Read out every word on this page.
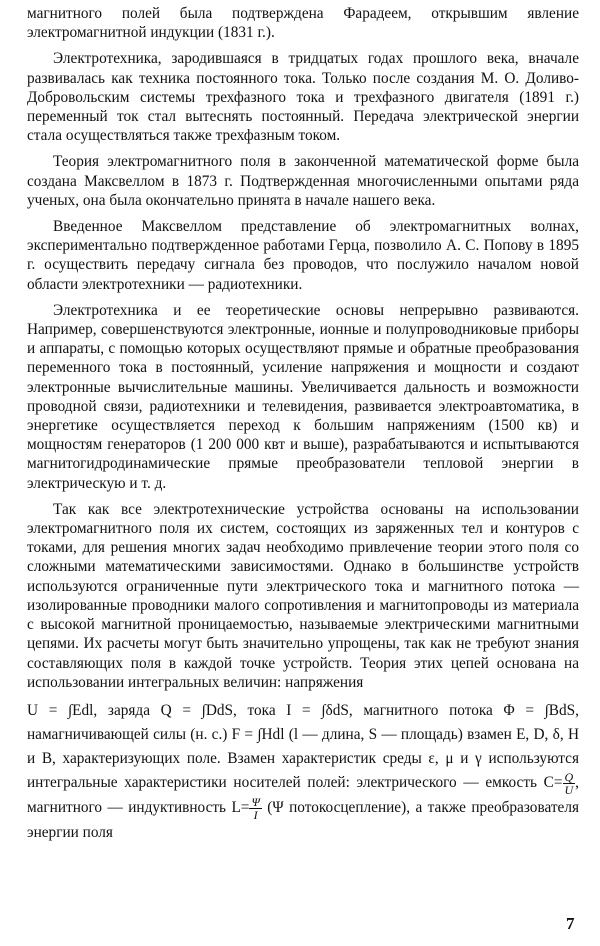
магнитного полей была подтверждена Фарадеем, открывшим явление электромагнитной индукции (1831 г.).

Электротехника, зародившаяся в тридцатых годах прошлого века, вначале развивалась как техника постоянного тока. Только после создания М. О. Доливо-Добровольским системы трехфазного тока и трехфазного двигателя (1891 г.) переменный ток стал вытеснять постоянный. Передача электрической энергии стала осуществляться также трехфазным током.

Теория электромагнитного поля в законченной математической форме была создана Максвеллом в 1873 г. Подтвержденная многочисленными опытами ряда ученых, она была окончательно принята в начале нашего века.

Введенное Максвеллом представление об электромагнитных волнах, экспериментально подтвержденное работами Герца, позволило А. С. Попову в 1895 г. осуществить передачу сигнала без проводов, что послужило началом новой области электротехники — радиотехники.

Электротехника и ее теоретические основы непрерывно развиваются. Например, совершенствуются электронные, ионные и полупроводниковые приборы и аппараты, с помощью которых осуществляют прямые и обратные преобразования переменного тока в постоянный, усиление напряжения и мощности и создают электронные вычислительные машины. Увеличивается дальность и возможности проводной связи, радиотехники и телевидения, развивается электроавтоматика, в энергетике осуществляется переход к большим напряжениям (1500 кв) и мощностям генераторов (1 200 000 квт и выше), разрабатываются и испытываются магнитогидродинамические прямые преобразователи тепловой энергии в электрическую и т. д.

Так как все электротехнические устройства основаны на использовании электромагнитного поля их систем, состоящих из заряженных тел и контуров с токами, для решения многих задач необходимо привлечение теории этого поля со сложными математическими зависимостями. Однако в большинстве устройств используются ограниченные пути электрического тока и магнитного потока — изолированные проводники малого сопротивления и магнитопроводы из материала с высокой магнитной проницаемостью, называемые электрическими магнитными цепями. Их расчеты могут быть значительно упрощены, так как не требуют знания составляющих поля в каждой точке устройств. Теория этих цепей основана на использовании интегральных величин: напряжения

U = ∫Edl, заряда Q = ∫DdS, тока I = ∫δdS, магнитного потока Φ = ∫BdS, намагничивающей силы (н. с.) F = ∫Hdl (l — длина, S — площадь) взамен E, D, δ, H и B, характеризующих поле. Взамен характеристик среды ε, μ и γ используются интегральные характеристики носителей полей: электрического — емкость $C= \frac{Q}{U}$ , магнитного — индуктивность $L= \frac{\Psi}{I} (\Psi$ потокосцепление), а также преобразователя энергии поля

7
